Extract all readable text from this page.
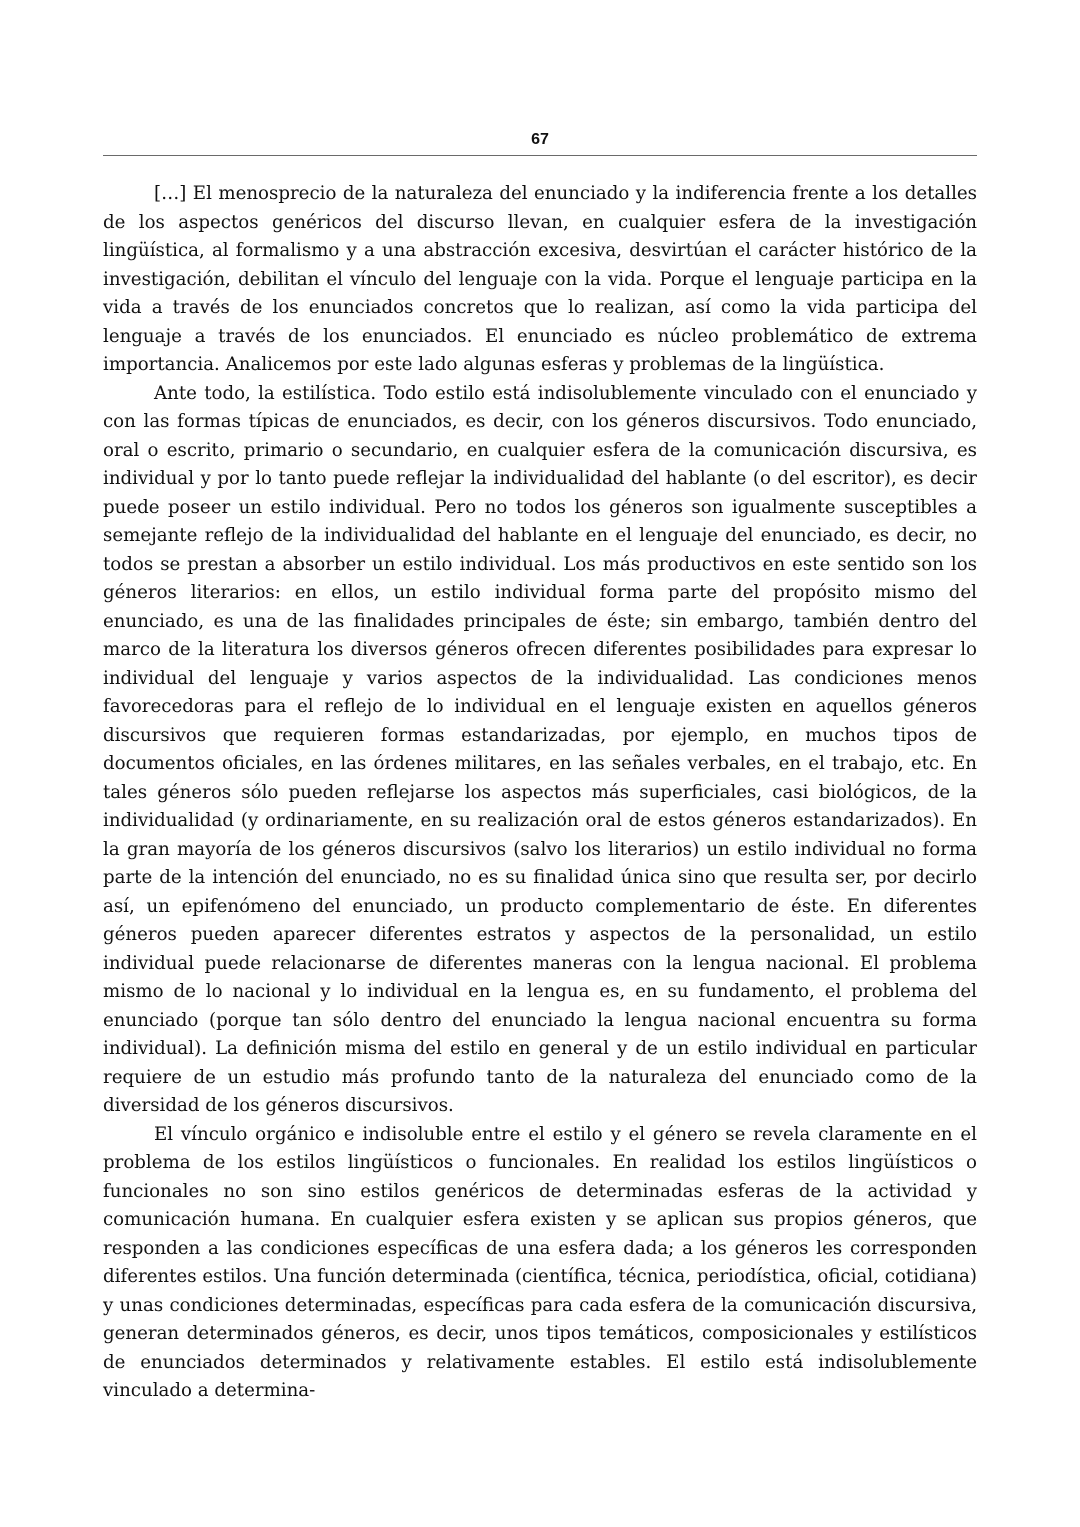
67

[…] El menosprecio de la naturaleza del enunciado y la indiferencia frente a los detalles de los aspectos genéricos del discurso llevan, en cualquier esfera de la investigación lingüística, al formalismo y a una abstracción excesiva, desvirtúan el carácter histórico de la investigación, debilitan el vínculo del lenguaje con la vida. Porque el lenguaje participa en la vida a través de los enunciados concretos que lo realizan, así como la vida participa del lenguaje a través de los enunciados. El enunciado es núcleo problemático de extrema importancia. Analicemos por este lado algunas esferas y problemas de la lingüística.

Ante todo, la estilística. Todo estilo está indisolublemente vinculado con el enunciado y con las formas típicas de enunciados, es decir, con los géneros discursivos. Todo enunciado, oral o escrito, primario o secundario, en cualquier esfera de la comunicación discursiva, es individual y por lo tanto puede reflejar la individualidad del hablante (o del escritor), es decir puede poseer un estilo individual. Pero no todos los géneros son igualmente susceptibles a semejante reflejo de la individualidad del hablante en el lenguaje del enunciado, es decir, no todos se prestan a absorber un estilo individual. Los más productivos en este sentido son los géneros literarios: en ellos, un estilo individual forma parte del propósito mismo del enunciado, es una de las finalidades principales de éste; sin embargo, también dentro del marco de la literatura los diversos géneros ofrecen diferentes posibilidades para expresar lo individual del lenguaje y varios aspectos de la individualidad. Las condiciones menos favorecedoras para el reflejo de lo individual en el lenguaje existen en aquellos géneros discursivos que requieren formas estandarizadas, por ejemplo, en muchos tipos de documentos oficiales, en las órdenes militares, en las señales verbales, en el trabajo, etc. En tales géneros sólo pueden reflejarse los aspectos más superficiales, casi biológicos, de la individualidad (y ordinariamente, en su realización oral de estos géneros estandarizados). En la gran mayoría de los géneros discursivos (salvo los literarios) un estilo individual no forma parte de la intención del enunciado, no es su finalidad única sino que resulta ser, por decirlo así, un epifenómeno del enunciado, un producto complementario de éste. En diferentes géneros pueden aparecer diferentes estratos y aspectos de la personalidad, un estilo individual puede relacionarse de diferentes maneras con la lengua nacional. El problema mismo de lo nacional y lo individual en la lengua es, en su fundamento, el problema del enunciado (porque tan sólo dentro del enunciado la lengua nacional encuentra su forma individual). La definición misma del estilo en general y de un estilo individual en particular requiere de un estudio más profundo tanto de la naturaleza del enunciado como de la diversidad de los géneros discursivos.

El vínculo orgánico e indisoluble entre el estilo y el género se revela claramente en el problema de los estilos lingüísticos o funcionales. En realidad los estilos lingüísticos o funcionales no son sino estilos genéricos de determinadas esferas de la actividad y comunicación humana. En cualquier esfera existen y se aplican sus propios géneros, que responden a las condiciones específicas de una esfera dada; a los géneros les corresponden diferentes estilos. Una función determinada (científica, técnica, periodística, oficial, cotidiana) y unas condiciones determinadas, específicas para cada esfera de la comunicación discursiva, generan determinados géneros, es decir, unos tipos temáticos, composicionales y estilísticos de enunciados determinados y relativamente estables. El estilo está indisolublemente vinculado a determina-
